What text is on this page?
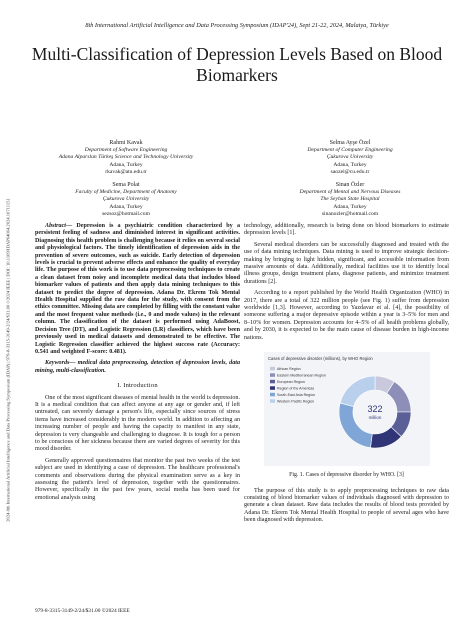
8th International Artificial Intelligence and Data Processing Symposium (IDAP'24), Sept 21-22, 2024, Malatya, Türkiye
Multi-Classification of Depression Levels Based on Blood Biomarkers
2024 8th International Artificial Intelligence and Data Processing Symposium (IDAP) | 979-8-3315-3149-2/24/$31.00 ©2024 IEEE | DOI: 10.1109/IDAP64064.2024.10711151
Rahmi Kavak
Department of Software Engineering
Adana Alparslan Türkeş Science and Technology University
Adana, Turkey
rkavak@atu.edu.tr
Selma Ayşe Özel
Department of Computer Engineering
Çukurova University
Adana, Turkey
saozel@cu.edu.tr
Sema Polat
Faculty of Medicine, Department of Anatomy
Çukurova University
Adana, Turkey
sezsoz@hotmail.com
Sinan Özler
Department of Mental and Nervous Diseases
The Seyhan State Hospital
Adana, Turkey
sinanozler@hotmail.com

Abstract— Depression is a psychiatric condition characterized by a persistent feeling of sadness and diminished interest in significant activities. Diagnosing this health problem is challenging because it relies on several social and physiological factors. The timely identification of depression aids in the prevention of severe outcomes, such as suicide. Early detection of depression levels is crucial to prevent adverse effects and enhance the quality of everyday life. The purpose of this work is to use data preprocessing techniques to create a clean dataset from noisy and incomplete medical data that includes blood biomarker values of patients and then apply data mining techniques to this dataset to predict the degree of depression. Adana Dr. Ekrem Tok Mental Health Hospital supplied the raw data for the study, with consent from the ethics committee. Missing data are completed by filling with the constant value and the most frequent value methods (i.e., 0 and mode values) in the relevant column. The classification of the dataset is performed using AdaBoost, Decision Tree (DT), and Logistic Regression (LR) classifiers, which have been previously used in medical datasets and demonstrated to be effective. The Logistic Regression classifier achieved the highest success rate (Accuracy: 0.541 and weighted F-score: 0.481).

Keywords— medical data preprocessing, detection of depression levels, data mining, multi-classification.

I. Introduction

One of the most significant diseases of mental health in the world is depression. It is a medical condition that can affect anyone at any age or gender and, if left untreated, can severely damage a person's life, especially since sources of stress items have increased considerably in the modern world. In addition to affecting an increasing number of people and having the capacity to manifest in any state, depression is very changeable and challenging to diagnose. It is tough for a person to be conscious of her sickness because there are varied degrees of severity for this mood disorder.

Generally approved questionnaires that monitor the past two weeks of the test subject are used in identifying a case of depression. The healthcare professional's comments and observations during the physical examination serve as a key in assessing the patient's level of depression, together with the questionnaires. However, specifically in the past few years, social media has been used for emotional analysis using

technology, additionally, research is being done on blood biomarkers to estimate depression levels [1].

Several medical disorders can be successfully diagnosed and treated with the use of data mining techniques. Data mining is used to improve strategic decision-making by bringing to light hidden, significant, and accessible information from massive amounts of data. Additionally, medical facilities use it to identify local illness groups, design treatment plans, diagnose patients, and minimize treatment durations [2].

According to a report published by the World Health Organization (WHO) in 2017, there are a total of 322 million people (see Fig. 1) suffer from depression worldwide [1,3]. However, according to Yazdavar et al. [4], the possibility of someone suffering a major depressive episode within a year is 3–5% for men and 8–10% for women. Depression accounts for 4–5% of all health problems globally, and by 2030, it is expected to be the main cause of disease burden in high-income nations.

Cases of depressive disorder (millions), by WHO Region
African Region
Eastern Mediterranean Region
European Region
Region of the Americas
South-East Asia Region
Western Pacific Region
322
million
Fig. 1. Cases of depressive disorder by WHO. [3]

The purpose of this study is to apply preprocessing techniques to raw data consisting of blood biomarker values of individuals diagnosed with depression to generate a clean dataset. Raw data includes the results of blood tests provided by Adana Dr. Ekrem Tok Mental Health Hospital to people of several ages who have been diagnosed with depression.

979-8-3315-3149-2/24/$31.00 ©2024 IEEE
